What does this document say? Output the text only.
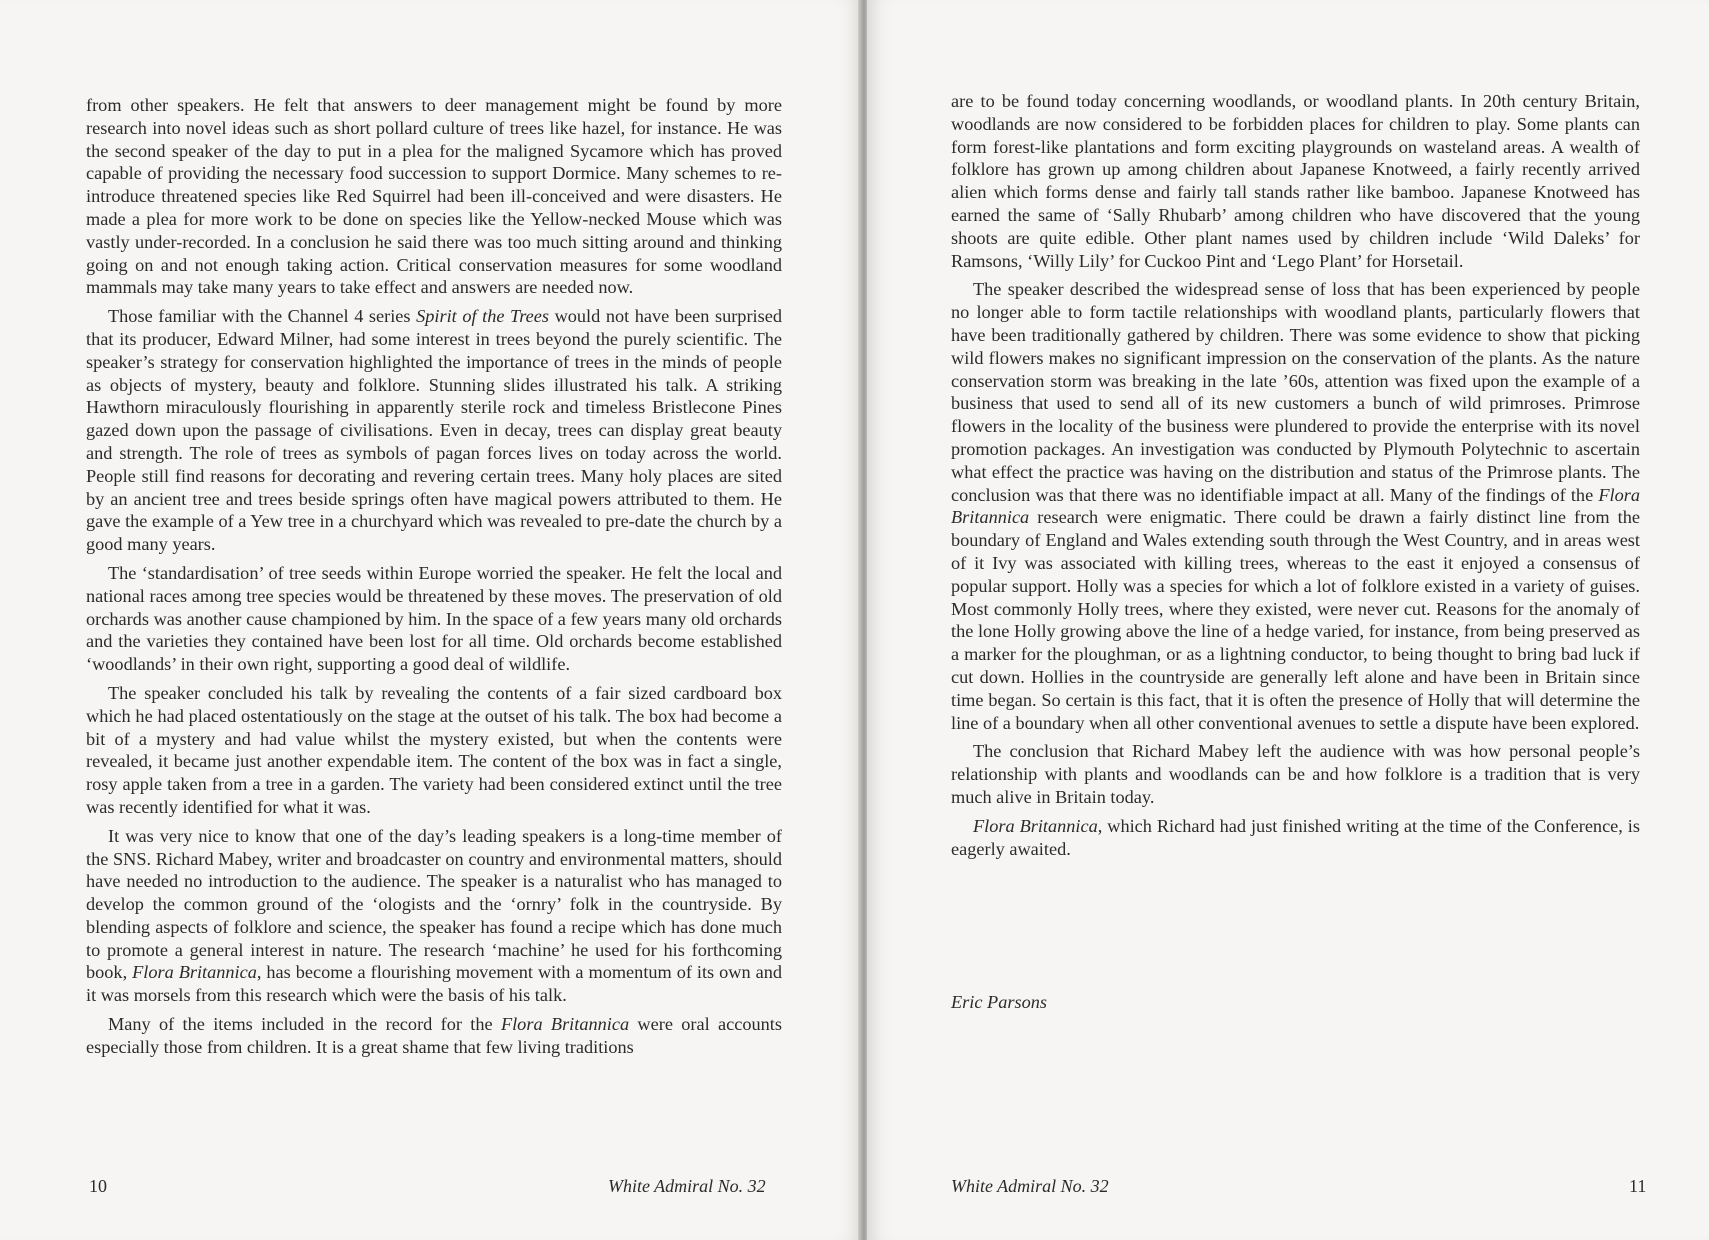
from other speakers. He felt that answers to deer management might be found by more research into novel ideas such as short pollard culture of trees like hazel, for instance. He was the second speaker of the day to put in a plea for the maligned Sycamore which has proved capable of providing the necessary food succession to support Dormice. Many schemes to re-introduce threatened species like Red Squirrel had been ill-conceived and were disasters. He made a plea for more work to be done on species like the Yellow-necked Mouse which was vastly under-recorded. In a conclusion he said there was too much sitting around and thinking going on and not enough taking action. Critical conservation measures for some woodland mammals may take many years to take effect and answers are needed now.

Those familiar with the Channel 4 series Spirit of the Trees would not have been surprised that its producer, Edward Milner, had some interest in trees beyond the purely scientific. The speaker’s strategy for conservation highlighted the importance of trees in the minds of people as objects of mystery, beauty and folklore. Stunning slides illustrated his talk. A striking Hawthorn miraculously flourishing in apparently sterile rock and timeless Bristlecone Pines gazed down upon the passage of civilisations. Even in decay, trees can display great beauty and strength. The role of trees as symbols of pagan forces lives on today across the world. People still find reasons for decorating and revering certain trees. Many holy places are sited by an ancient tree and trees beside springs often have magical powers attributed to them. He gave the example of a Yew tree in a churchyard which was revealed to pre-date the church by a good many years.

The ‘standardisation’ of tree seeds within Europe worried the speaker. He felt the local and national races among tree species would be threatened by these moves. The preservation of old orchards was another cause championed by him. In the space of a few years many old orchards and the varieties they contained have been lost for all time. Old orchards become established ‘woodlands’ in their own right, supporting a good deal of wildlife.

The speaker concluded his talk by revealing the contents of a fair sized cardboard box which he had placed ostentatiously on the stage at the outset of his talk. The box had become a bit of a mystery and had value whilst the mystery existed, but when the contents were revealed, it became just another expendable item. The content of the box was in fact a single, rosy apple taken from a tree in a garden. The variety had been considered extinct until the tree was recently identified for what it was.

It was very nice to know that one of the day’s leading speakers is a long-time member of the SNS. Richard Mabey, writer and broadcaster on country and environmental matters, should have needed no introduction to the audience. The speaker is a naturalist who has managed to develop the common ground of the ‘ologists and the ‘ornry’ folk in the countryside. By blending aspects of folklore and science, the speaker has found a recipe which has done much to promote a general interest in nature. The research ‘machine’ he used for his forthcoming book, Flora Britannica, has become a flourishing movement with a momentum of its own and it was morsels from this research which were the basis of his talk.

Many of the items included in the record for the Flora Britannica were oral accounts especially those from children. It is a great shame that few living traditions

10	White Admiral No. 32

are to be found today concerning woodlands, or woodland plants. In 20th century Britain, woodlands are now considered to be forbidden places for children to play. Some plants can form forest-like plantations and form exciting playgrounds on wasteland areas. A wealth of folklore has grown up among children about Japanese Knotweed, a fairly recently arrived alien which forms dense and fairly tall stands rather like bamboo. Japanese Knotweed has earned the same of ‘Sally Rhubarb’ among children who have discovered that the young shoots are quite edible. Other plant names used by children include ‘Wild Daleks’ for Ramsons, ‘Willy Lily’ for Cuckoo Pint and ‘Lego Plant’ for Horsetail.

The speaker described the widespread sense of loss that has been experienced by people no longer able to form tactile relationships with woodland plants, particularly flowers that have been traditionally gathered by children. There was some evidence to show that picking wild flowers makes no significant impression on the conservation of the plants. As the nature conservation storm was breaking in the late ’60s, attention was fixed upon the example of a business that used to send all of its new customers a bunch of wild primroses. Primrose flowers in the locality of the business were plundered to provide the enterprise with its novel promotion packages. An investigation was conducted by Plymouth Polytechnic to ascertain what effect the practice was having on the distribution and status of the Primrose plants. The conclusion was that there was no identifiable impact at all. Many of the findings of the Flora Britannica research were enigmatic. There could be drawn a fairly distinct line from the boundary of England and Wales extending south through the West Country, and in areas west of it Ivy was associated with killing trees, whereas to the east it enjoyed a consensus of popular support. Holly was a species for which a lot of folklore existed in a variety of guises. Most commonly Holly trees, where they existed, were never cut. Reasons for the anomaly of the lone Holly growing above the line of a hedge varied, for instance, from being preserved as a marker for the ploughman, or as a lightning conductor, to being thought to bring bad luck if cut down. Hollies in the countryside are generally left alone and have been in Britain since time began. So certain is this fact, that it is often the presence of Holly that will determine the line of a boundary when all other conventional avenues to settle a dispute have been explored.

The conclusion that Richard Mabey left the audience with was how personal people’s relationship with plants and woodlands can be and how folklore is a tradition that is very much alive in Britain today.

Flora Britannica, which Richard had just finished writing at the time of the Conference, is eagerly awaited.

Eric Parsons
White Admiral No. 32	11
